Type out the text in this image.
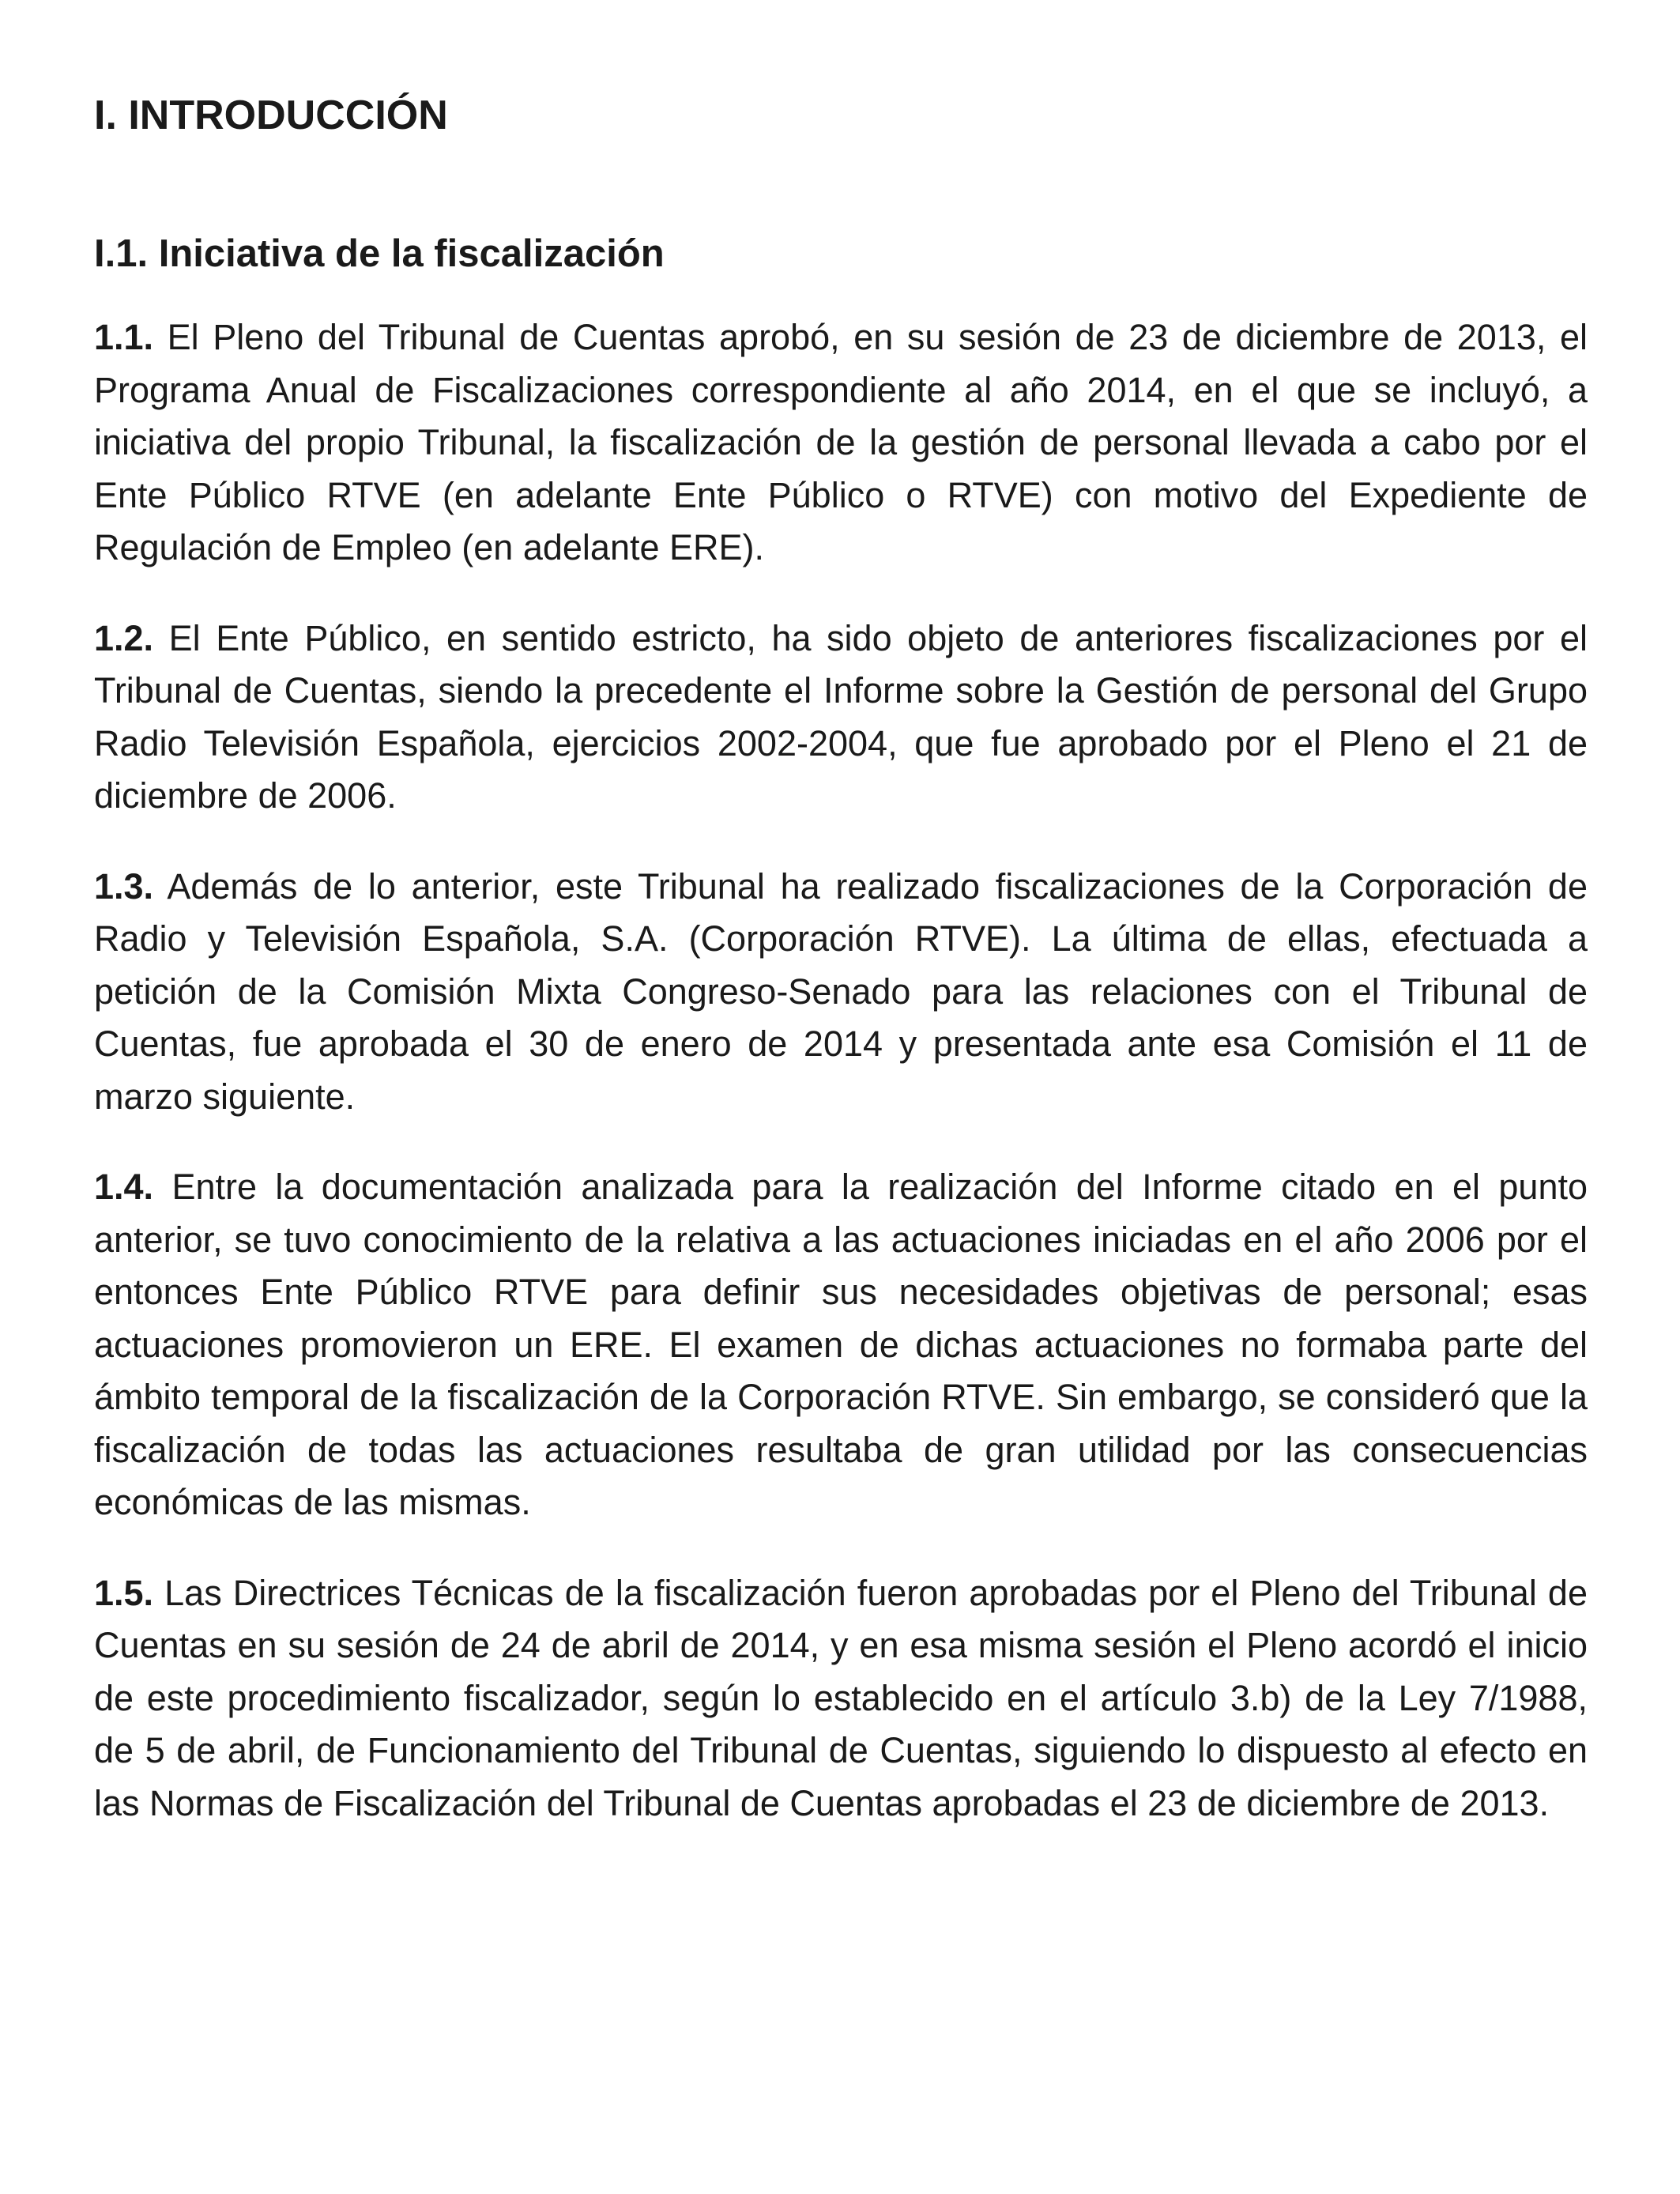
I. INTRODUCCIÓN
I.1. Iniciativa de la fiscalización

1.1. El Pleno del Tribunal de Cuentas aprobó, en su sesión de 23 de diciembre de 2013, el Programa Anual de Fiscalizaciones correspondiente al año 2014, en el que se incluyó, a iniciativa del propio Tribunal, la fiscalización de la gestión de personal llevada a cabo por el Ente Público RTVE (en adelante Ente Público o RTVE) con motivo del Expediente de Regulación de Empleo (en adelante ERE).

1.2. El Ente Público, en sentido estricto, ha sido objeto de anteriores fiscalizaciones por el Tribunal de Cuentas, siendo la precedente el Informe sobre la Gestión de personal del Grupo Radio Televisión Española, ejercicios 2002-2004, que fue aprobado por el Pleno el 21 de diciembre de 2006.

1.3. Además de lo anterior, este Tribunal ha realizado fiscalizaciones de la Corporación de Radio y Televisión Española, S.A. (Corporación RTVE). La última de ellas, efectuada a petición de la Comisión Mixta Congreso-Senado para las relaciones con el Tribunal de Cuentas, fue aprobada el 30 de enero de 2014 y presentada ante esa Comisión el 11 de marzo siguiente.

1.4. Entre la documentación analizada para la realización del Informe citado en el punto anterior, se tuvo conocimiento de la relativa a las actuaciones iniciadas en el año 2006 por el entonces Ente Público RTVE para definir sus necesidades objetivas de personal; esas actuaciones promovieron un ERE. El examen de dichas actuaciones no formaba parte del ámbito temporal de la fiscalización de la Corporación RTVE. Sin embargo, se consideró que la fiscalización de todas las actuaciones resultaba de gran utilidad por las consecuencias económicas de las mismas.

1.5. Las Directrices Técnicas de la fiscalización fueron aprobadas por el Pleno del Tribunal de Cuentas en su sesión de 24 de abril de 2014, y en esa misma sesión el Pleno acordó el inicio de este procedimiento fiscalizador, según lo establecido en el artículo 3.b) de la Ley 7/1988, de 5 de abril, de Funcionamiento del Tribunal de Cuentas, siguiendo lo dispuesto al efecto en las Normas de Fiscalización del Tribunal de Cuentas aprobadas el 23 de diciembre de 2013.
